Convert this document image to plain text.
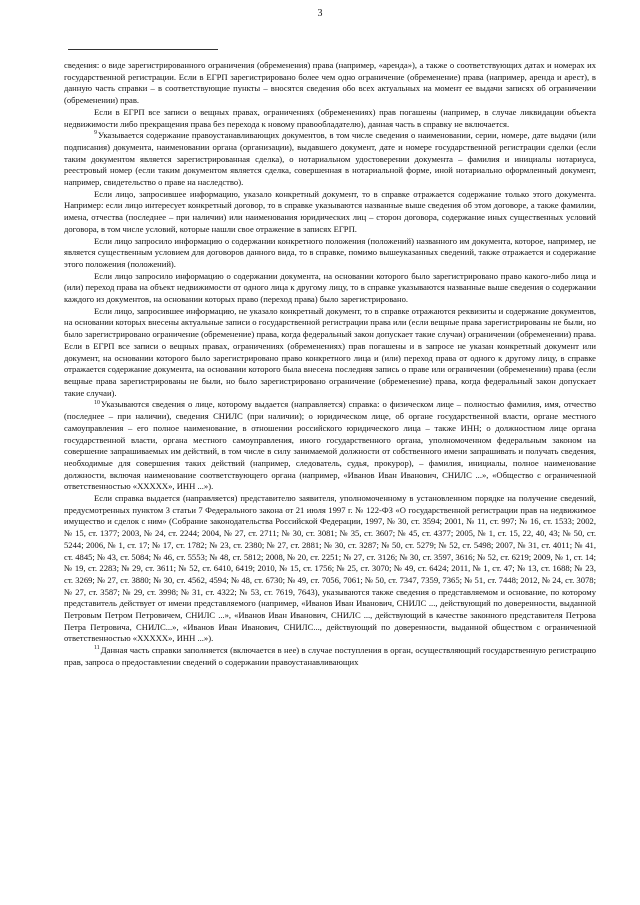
3

сведения: о виде зарегистрированного ограничения (обременения) права (например, «аренда»), а также о соответствующих датах и номерах их государственной регистрации. Если в ЕГРП зарегистрировано более чем одно ограничение (обременение) права (например, аренда и арест), в данную часть справки – в соответствующие пункты – вносятся сведения обо всех актуальных на момент ее выдачи записях об ограничении (обременении) прав.

Если в ЕГРП все записи о вещных правах, ограничениях (обременениях) прав погашены (например, в случае ликвидации объекта недвижимости либо прекращения права без перехода к новому правообладателю), данная часть в справку не включается.

$^9$Указывается содержание правоустанавливающих документов, в том числе сведения о наименовании, серии, номере, дате выдачи (или подписания) документа, наименовании органа (организации), выдавшего документ, дате и номере государственной регистрации сделки (если таким документом является зарегистрированная сделка), о нотариальном удостоверении документа – фамилия и инициалы нотариуса, реестровый номер (если таким документом является сделка, совершенная в нотариальной форме, иной нотариально оформленный документ, например, свидетельство о праве на наследство).

Если лицо, запросившее информацию, указало конкретный документ, то в справке отражается содержание только этого документа. Например: если лицо интересует конкретный договор, то в справке указываются названные выше сведения об этом договоре, а также фамилии, имена, отчества (последнее – при наличии) или наименования юридических лиц – сторон договора, содержание иных существенных условий договора, в том числе условий, которые нашли свое отражение в записях ЕГРП.

Если лицо запросило информацию о содержании конкретного положения (положений) названного им документа, которое, например, не является существенным условием для договоров данного вида, то в справке, помимо вышеуказанных сведений, также отражается и содержание этого положения (положений).

Если лицо запросило информацию о содержании документа, на основании которого было зарегистрировано право какого-либо лица и (или) переход права на объект недвижимости от одного лица к другому лицу, то в справке указываются названные выше сведения о содержании каждого из документов, на основании которых право (переход права) было зарегистрировано.

Если лицо, запросившее информацию, не указало конкретный документ, то в справке отражаются реквизиты и содержание документов, на основании которых внесены актуальные записи о государственной регистрации права или (если вещные права зарегистрированы не были, но было зарегистрировано ограничение (обременение) права, когда федеральный закон допускает такие случаи) ограничении (обременении) права. Если в ЕГРП все записи о вещных правах, ограничениях (обременениях) прав погашены и в запросе не указан конкретный документ или документ, на основании которого было зарегистрировано право конкретного лица и (или) переход права от одного к другому лицу, в справке отражается содержание документа, на основании которого была внесена последняя запись о праве или ограничении (обременении) права (если вещные права зарегистрированы не были, но было зарегистрировано ограничение (обременение) права, когда федеральный закон допускает такие случаи).

$^{10}$Указываются сведения о лице, которому выдается (направляется) справка: о физическом лице – полностью фамилия, имя, отчество (последнее – при наличии), сведения СНИЛС (при наличии); о юридическом лице, об органе государственной власти, органе местного самоуправления – его полное наименование, в отношении российского юридического лица – также ИНН; о должностном лице органа государственной власти, органа местного самоуправления, иного государственного органа, уполномоченном федеральным законом на совершение запрашиваемых им действий, в том числе в силу занимаемой должности от собственного имени запрашивать и получать сведения, необходимые для совершения таких действий (например, следователь, судья, прокурор), – фамилия, инициалы, полное наименование должности, включая наименование соответствующего органа (например, «Иванов Иван Иванович, СНИЛС ...», «Общество с ограниченной ответственностью «ХХХХХ», ИНН ...»).

Если справка выдается (направляется) представителю заявителя, уполномоченному в установленном порядке на получение сведений, предусмотренных пунктом 3 статьи 7 Федерального закона от 21 июля 1997 г. № 122-ФЗ «О государственной регистрации прав на недвижимое имущество и сделок с ним» (Собрание законодательства Российской Федерации, 1997, № 30, ст. 3594; 2001, № 11, ст. 997; № 16, ст. 1533; 2002, № 15, ст. 1377; 2003, № 24, ст. 2244; 2004, № 27, ст. 2711; № 30, ст. 3081; № 35, ст. 3607; № 45, ст. 4377; 2005, № 1, ст. 15, 22, 40, 43; № 50, ст. 5244; 2006, № 1, ст. 17; № 17, ст. 1782; № 23, ст. 2380; № 27, ст. 2881; № 30, ст. 3287; № 50, ст. 5279; № 52, ст. 5498; 2007, № 31, ст. 4011; № 41, ст. 4845; № 43, ст. 5084; № 46, ст. 5553; № 48, ст. 5812; 2008, № 20, ст. 2251; № 27, ст. 3126; № 30, ст. 3597, 3616; № 52, ст. 6219; 2009, № 1, ст. 14; № 19, ст. 2283; № 29, ст. 3611; № 52, ст. 6410, 6419; 2010, № 15, ст. 1756; № 25, ст. 3070; № 49, ст. 6424; 2011, № 1, ст. 47; № 13, ст. 1688; № 23, ст. 3269; № 27, ст. 3880; № 30, ст. 4562, 4594; № 48, ст. 6730; № 49, ст. 7056, 7061; № 50, ст. 7347, 7359, 7365; № 51, ст. 7448; 2012, № 24, ст. 3078; № 27, ст. 3587; № 29, ст. 3998; № 31, ст. 4322; № 53, ст. 7619, 7643), указываются также сведения о представляемом и основание, по которому представитель действует от имени представляемого (например, «Иванов Иван Иванович, СНИЛС ..., действующий по доверенности, выданной Петровым Петром Петровичем, СНИЛС ...», «Иванов Иван Иванович, СНИЛС ..., действующий в качестве законного представителя Петрова Петра Петровича, СНИЛС...», «Иванов Иван Иванович, СНИЛС..., действующий по доверенности, выданной обществом с ограниченной ответственностью «ХХХХХ», ИНН ...»).

$^{11}$Данная часть справки заполняется (включается в нее) в случае поступления в орган, осуществляющий государственную регистрацию прав, запроса о предоставлении сведений о содержании правоустанавливающих
